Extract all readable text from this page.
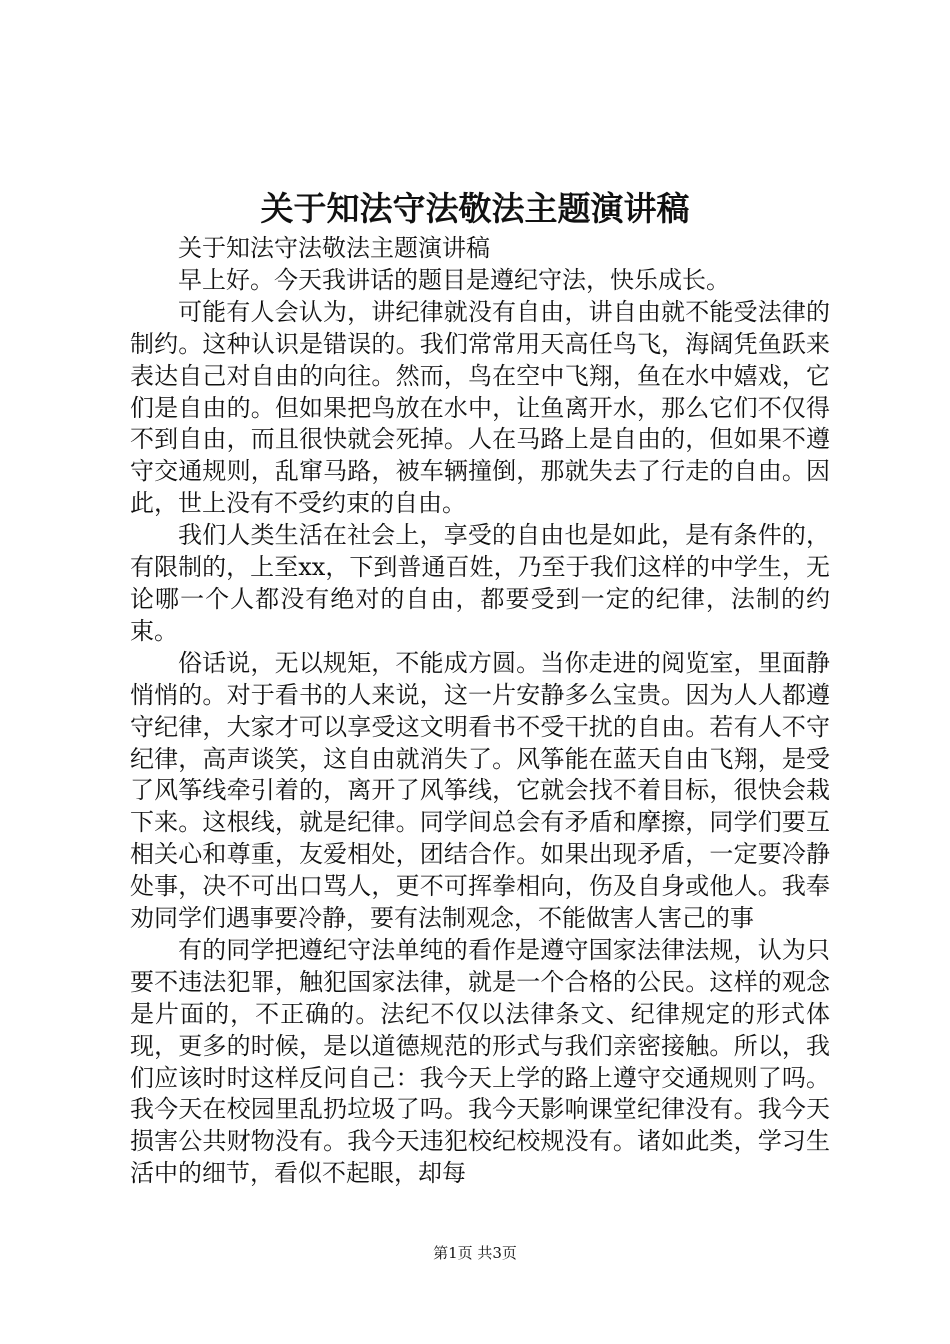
关于知法守法敬法主题演讲稿

关于知法守法敬法主题演讲稿

早上好。今天我讲话的题目是遵纪守法，快乐成长。

可能有人会认为，讲纪律就没有自由，讲自由就不能受法律的制约。这种认识是错误的。我们常常用天高任鸟飞，海阔凭鱼跃来表达自己对自由的向往。然而，鸟在空中飞翔，鱼在水中嬉戏，它们是自由的。但如果把鸟放在水中，让鱼离开水，那么它们不仅得不到自由，而且很快就会死掉。人在马路上是自由的，但如果不遵守交通规则，乱窜马路，被车辆撞倒，那就失去了行走的自由。因此，世上没有不受约束的自由。

我们人类生活在社会上，享受的自由也是如此，是有条件的，有限制的，上至xx，下到普通百姓，乃至于我们这样的中学生，无论哪一个人都没有绝对的自由，都要受到一定的纪律，法制的约束。

俗话说，无以规矩，不能成方圆。当你走进的阅览室，里面静悄悄的。对于看书的人来说，这一片安静多么宝贵。因为人人都遵守纪律，大家才可以享受这文明看书不受干扰的自由。若有人不守纪律，高声谈笑，这自由就消失了。风筝能在蓝天自由飞翔，是受了风筝线牵引着的，离开了风筝线，它就会找不着目标，很快会栽下来。这根线，就是纪律。同学间总会有矛盾和摩擦，同学们要互相关心和尊重，友爱相处，团结合作。如果出现矛盾，一定要冷静处事，决不可出口骂人，更不可挥拳相向，伤及自身或他人。我奉劝同学们遇事要冷静，要有法制观念，不能做害人害己的事

有的同学把遵纪守法单纯的看作是遵守国家法律法规，认为只要不违法犯罪，触犯国家法律，就是一个合格的公民。这样的观念是片面的，不正确的。法纪不仅以法律条文、纪律规定的形式体现，更多的时候，是以道德规范的形式与我们亲密接触。所以，我们应该时时这样反问自己：我今天上学的路上遵守交通规则了吗。我今天在校园里乱扔垃圾了吗。我今天影响课堂纪律没有。我今天损害公共财物没有。我今天违犯校纪校规没有。诸如此类，学习生活中的细节，看似不起眼，却每

第1页 共3页
